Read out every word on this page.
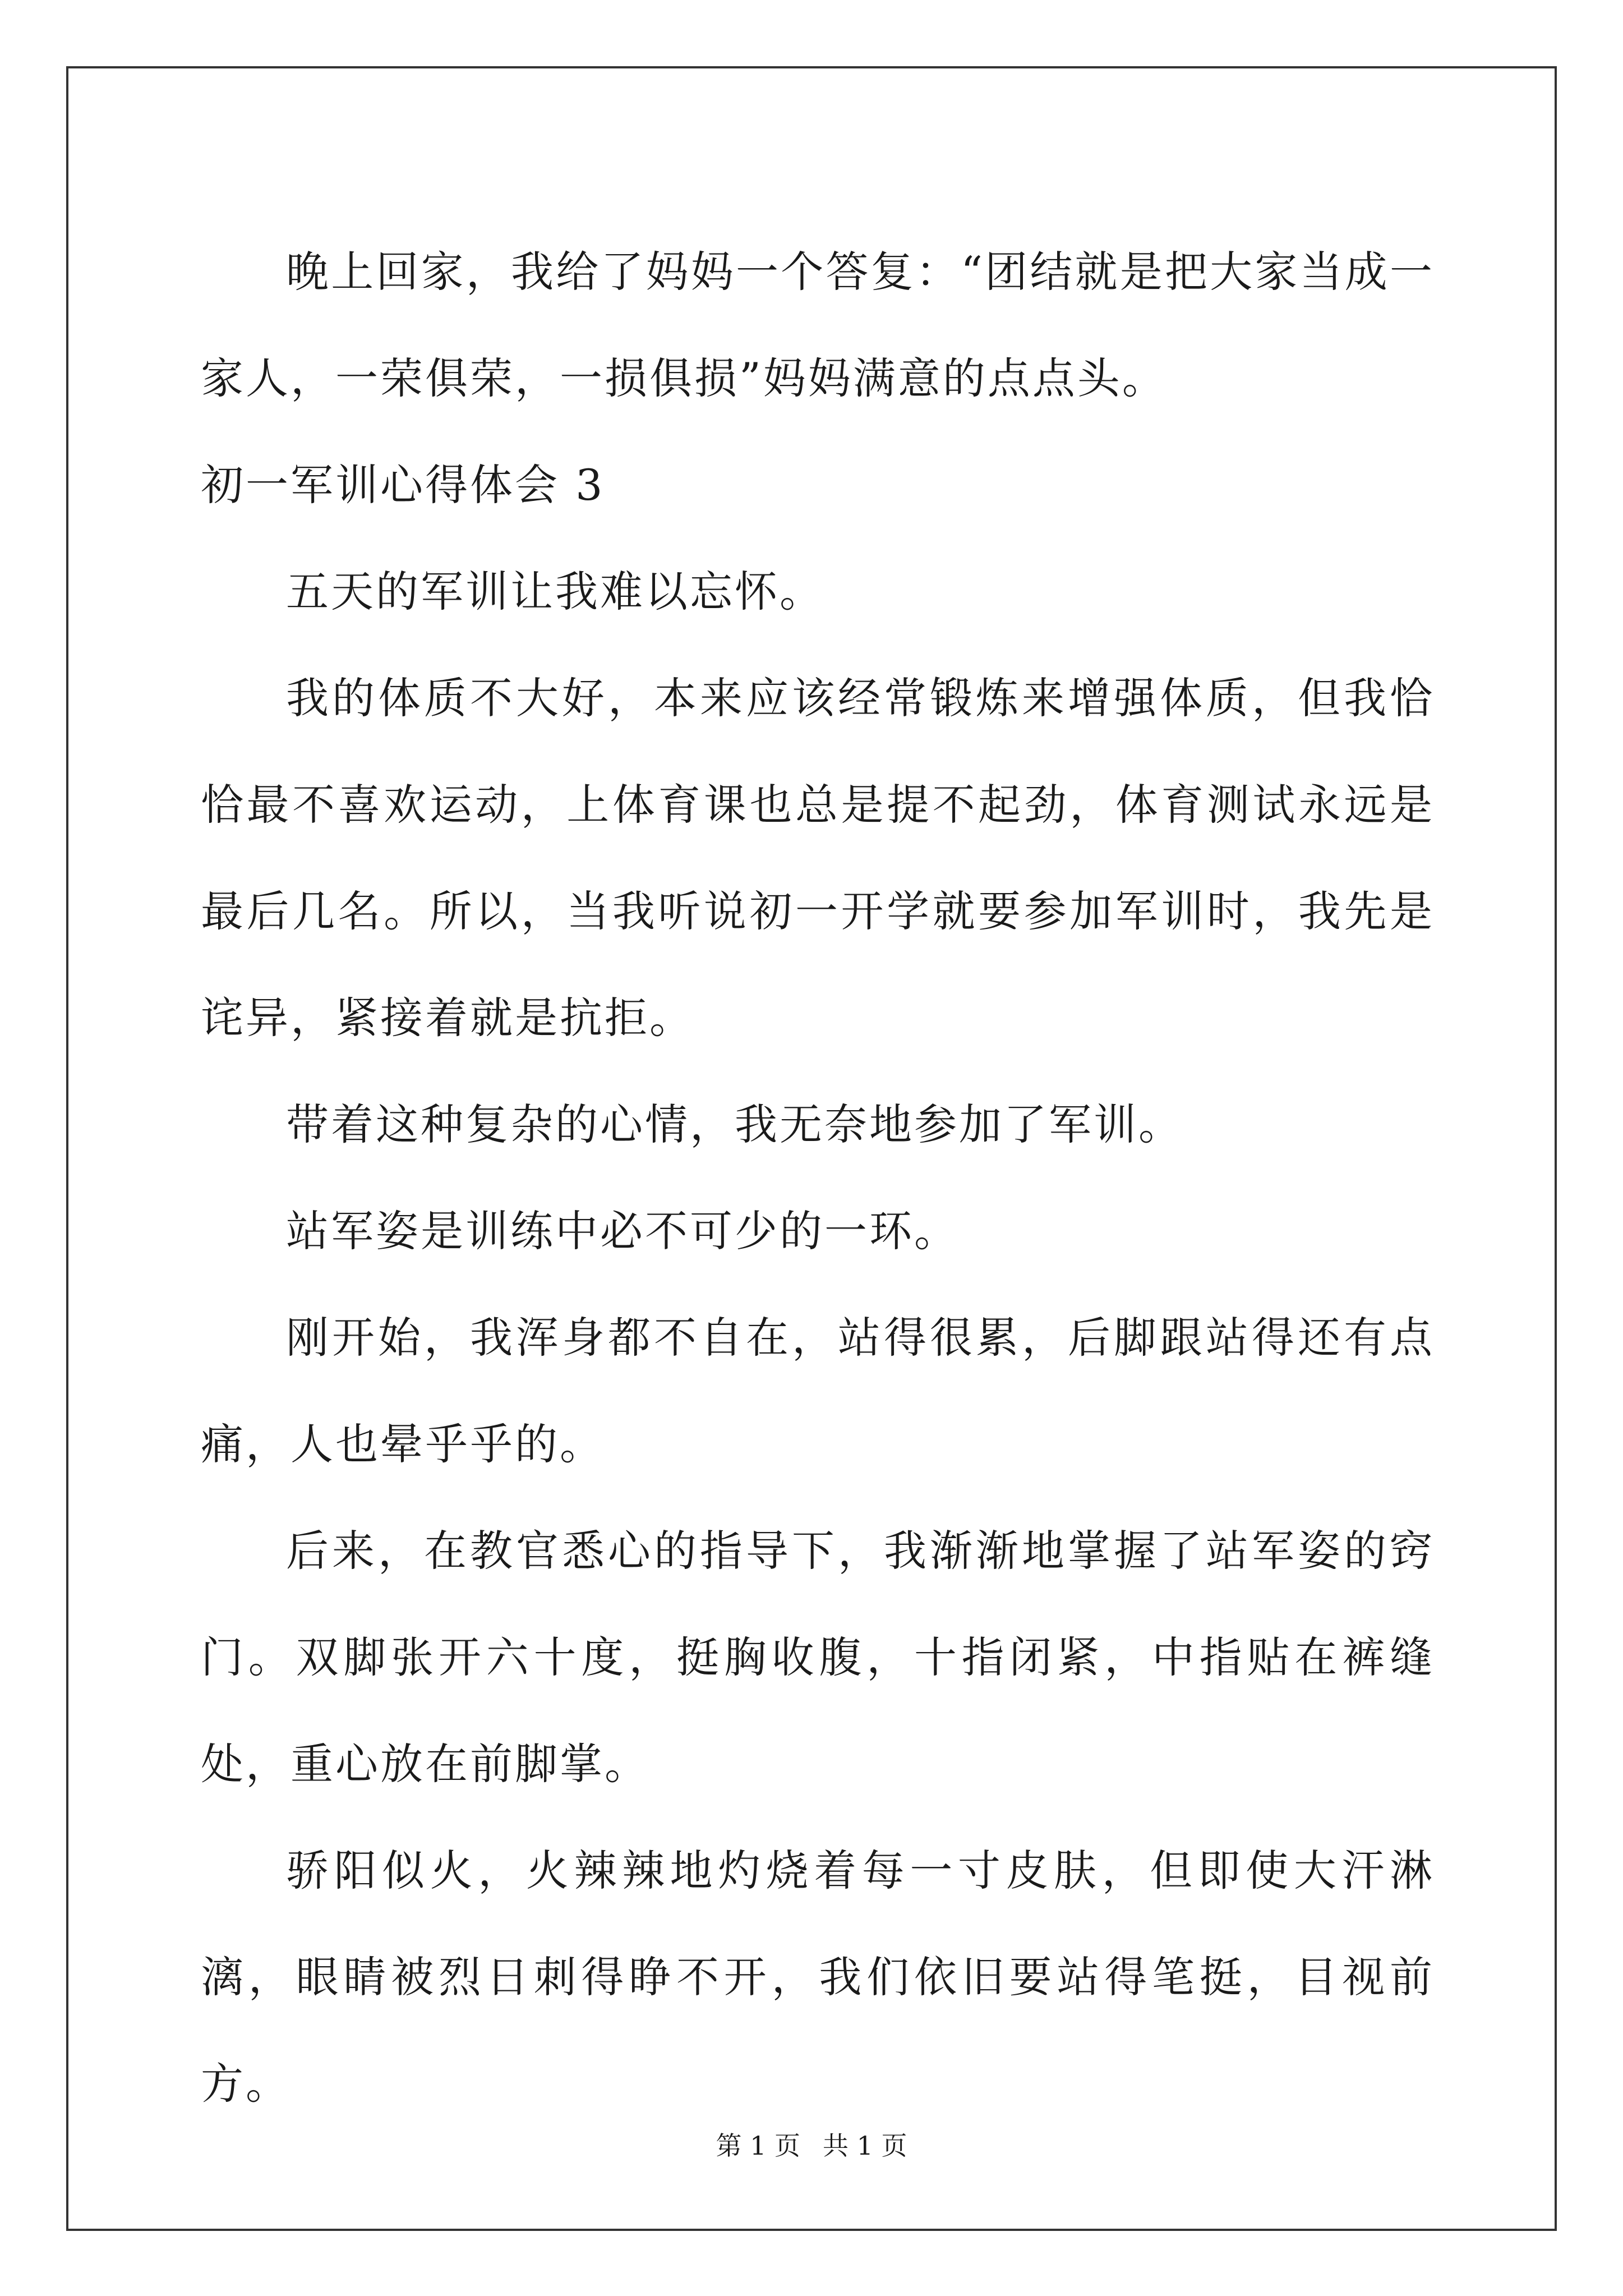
晚上回家，我给了妈妈一个答复：“团结就是把大家当成一家人，一荣俱荣，一损俱损”妈妈满意的点点头。

初一军训心得体会 3

五天的军训让我难以忘怀。

我的体质不大好，本来应该经常锻炼来增强体质，但我恰恰最不喜欢运动，上体育课也总是提不起劲，体育测试永远是最后几名。所以，当我听说初一开学就要参加军训时，我先是诧异，紧接着就是抗拒。

带着这种复杂的心情，我无奈地参加了军训。

站军姿是训练中必不可少的一环。

刚开始，我浑身都不自在，站得很累，后脚跟站得还有点痛，人也晕乎乎的。

后来，在教官悉心的指导下，我渐渐地掌握了站军姿的窍门。双脚张开六十度，挺胸收腹，十指闭紧，中指贴在裤缝处，重心放在前脚掌。

骄阳似火，火辣辣地灼烧着每一寸皮肤，但即使大汗淋漓，眼睛被烈日刺得睁不开，我们依旧要站得笔挺，目视前方。

第 1 页 共 1 页
